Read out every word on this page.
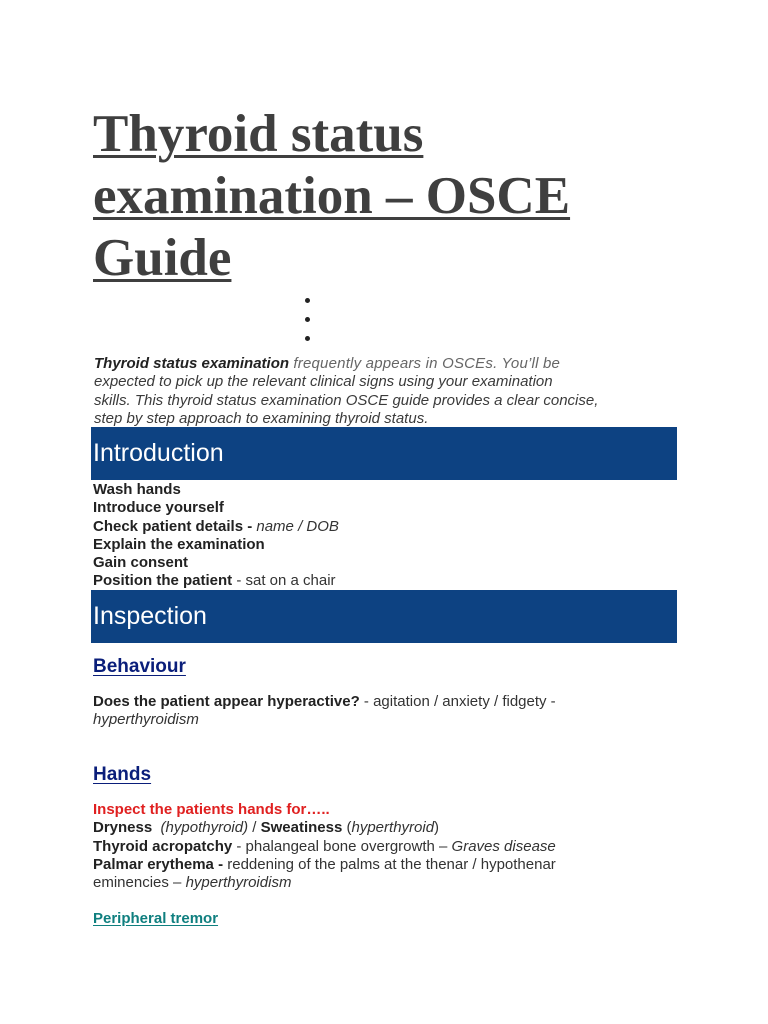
Thyroid status examination – OSCE Guide
Thyroid status examination frequently appears in OSCEs. You’ll be
expected to pick up the relevant clinical signs using your examination
skills. This thyroid status examination OSCE guide provides a clear concise,
step by step approach to examining thyroid status.
Introduction
Wash hands
Introduce yourself
Check patient details - name / DOB
Explain the examination
Gain consent
Position the patient - sat on a chair
Inspection
Behaviour
Does the patient appear hyperactive? - agitation / anxiety / fidgety -
hyperthyroidism
Hands
Inspect the patients hands for…..
Dryness (hypothyroid) / Sweatiness (hyperthyroid)
Thyroid acropatchy - phalangeal bone overgrowth – Graves disease
Palmar erythema - reddening of the palms at the thenar / hypothenar
eminencies – hyperthyroidism
Peripheral tremor
